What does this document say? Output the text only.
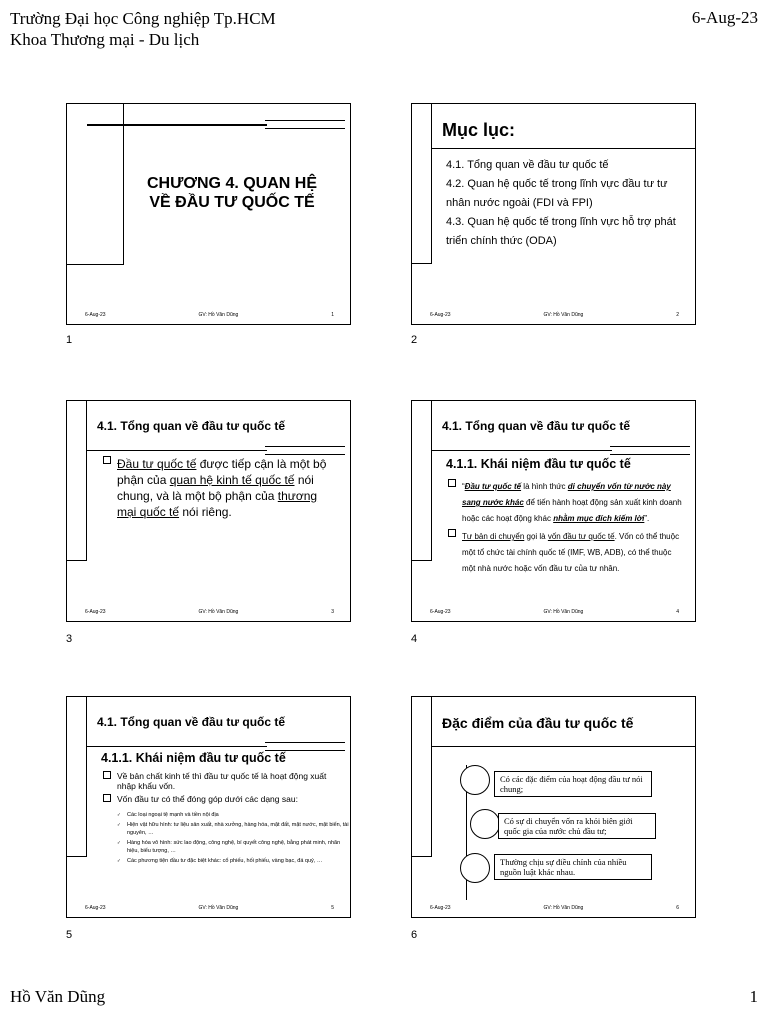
Trường Đại học Công nghiệp Tp.HCM
Khoa Thương mại - Du lịch
6-Aug-23
Hồ Văn Dũng	1
CHƯƠNG 4. QUAN HỆ
VỀ ĐẦU TƯ QUỐC TẾ
6-Aug-23	GV: Hồ Văn Dũng	1
1
Mục lục:
4.1. Tổng quan về đầu tư quốc tế
4.2. Quan hệ quốc tế trong lĩnh vực đầu tư tư nhân nước ngoài (FDI và FPI)
4.3. Quan hệ quốc tế trong lĩnh vực hỗ trợ phát triển chính thức (ODA)
6-Aug-23	GV: Hồ Văn Dũng	2
2
4.1. Tổng quan về đầu tư quốc tế
Đầu tư quốc tế được tiếp cận là một bộ phận của quan hệ kinh tế quốc tế nói chung, và là một bộ phận của thương mại quốc tế nói riêng.
6-Aug-23	GV: Hồ Văn Dũng	3
3
4.1. Tổng quan về đầu tư quốc tế
4.1.1. Khái niệm đầu tư quốc tế
“Đầu tư quốc tế là hình thức di chuyển vốn từ nước này sang nước khác để tiến hành hoạt động sản xuất kinh doanh hoặc các hoạt động khác nhằm mục đích kiếm lời”.
Tư bản di chuyển gọi là vốn đầu tư quốc tế. Vốn có thể thuộc một tổ chức tài chính quốc tế (IMF, WB, ADB), có thể thuộc một nhà nước hoặc vốn đầu tư của tư nhân.
6-Aug-23	GV: Hồ Văn Dũng	4
4
4.1. Tổng quan về đầu tư quốc tế
4.1.1. Khái niệm đầu tư quốc tế
Về bản chất kinh tế thì đầu tư quốc tế là hoạt động xuất nhập khẩu vốn.
Vốn đầu tư có thể đóng góp dưới các dạng sau:
✓ Các loại ngoại tệ mạnh và tiền nội địa
✓ Hiện vật hữu hình: tư liệu sản xuất, nhà xưởng, hàng hóa, mặt đất, mặt nước, mặt biển, tài nguyên, …
✓ Hàng hóa vô hình: sức lao động, công nghệ, bí quyết công nghệ, bằng phát minh, nhãn hiệu, biểu tượng, …
✓ Các phương tiện đầu tư đặc biệt khác: cổ phiếu, hối phiếu, vàng bạc, đá quý, …
6-Aug-23	GV: Hồ Văn Dũng	5
5
Đặc điểm của đầu tư quốc tế
Có các đặc điểm của hoạt động đầu tư nói chung;
Có sự di chuyển vốn ra khỏi biên giới quốc gia của nước chủ đầu tư;
Thường chịu sự điều chỉnh của nhiều nguồn luật khác nhau.
6-Aug-23	GV: Hồ Văn Dũng	6
6
